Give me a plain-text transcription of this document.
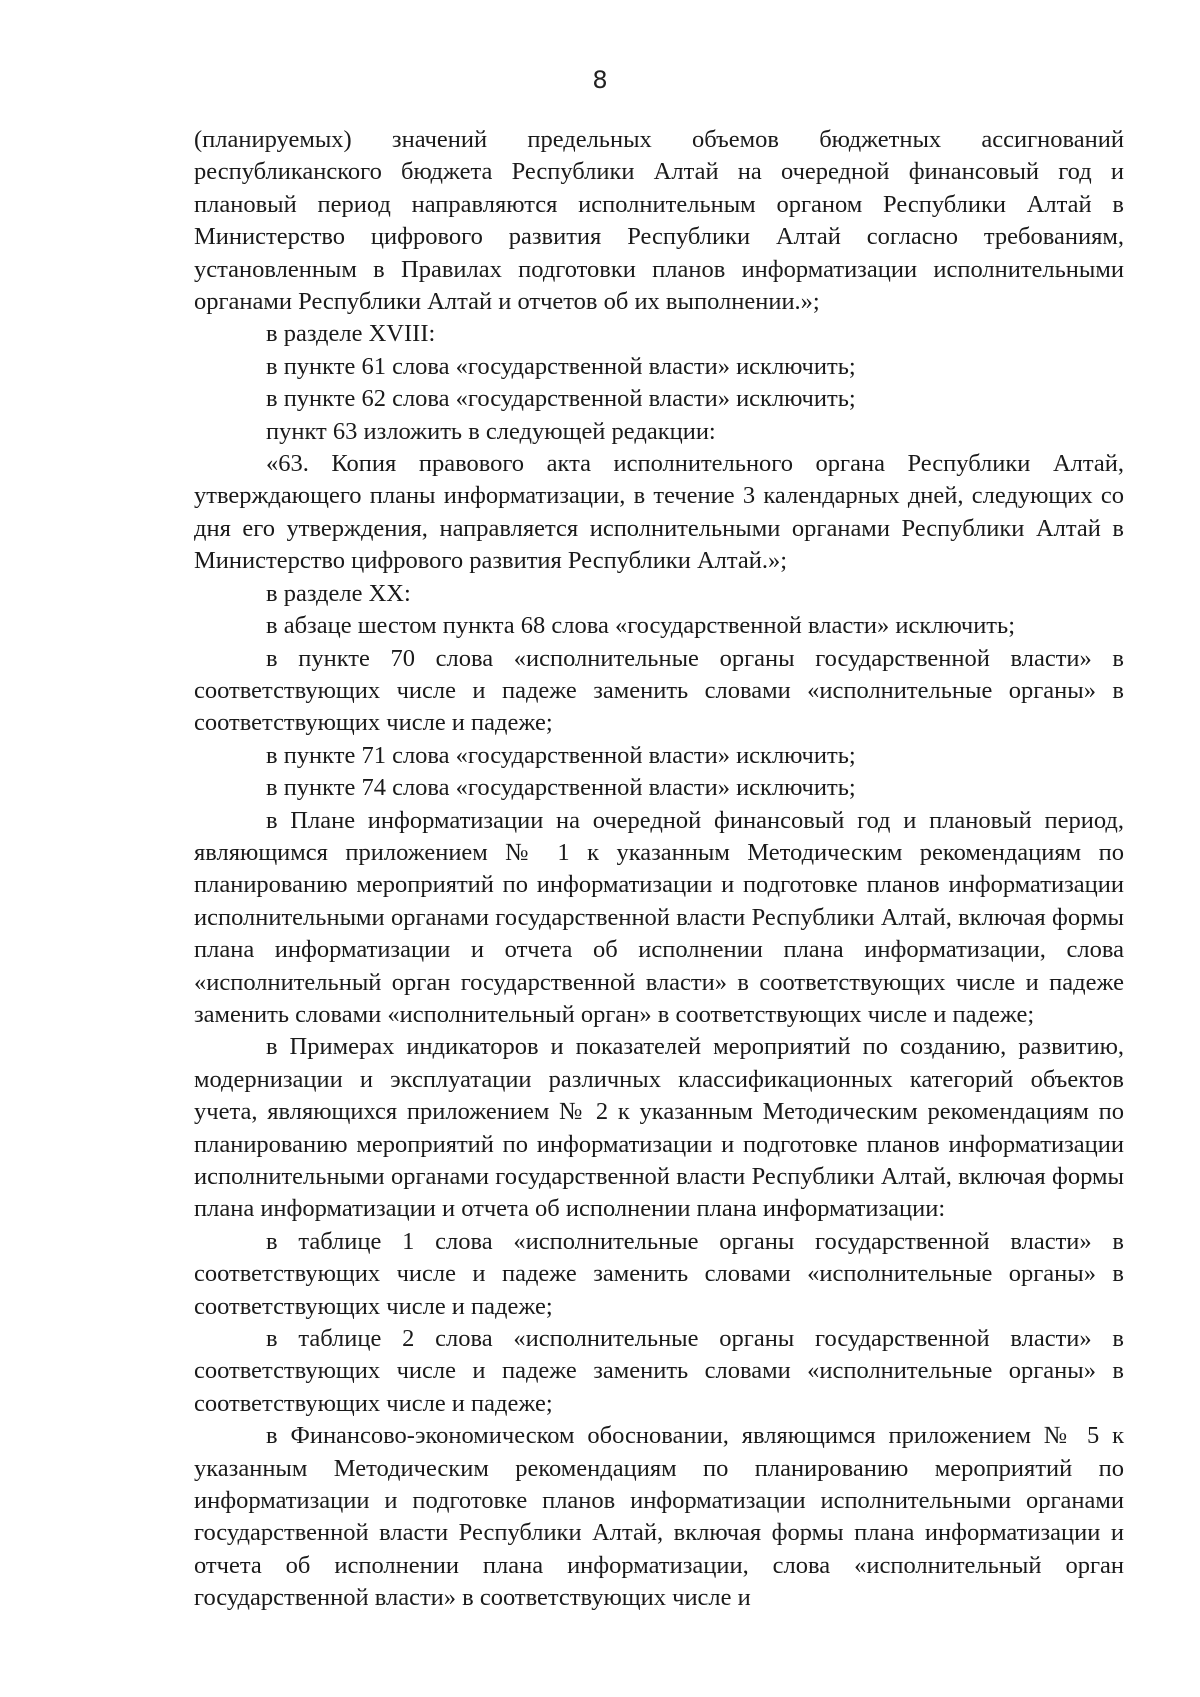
8

(планируемых) значений предельных объемов бюджетных ассигнований республиканского бюджета Республики Алтай на очередной финансовый год и плановый период направляются исполнительным органом Республики Алтай в Министерство цифрового развития Республики Алтай согласно требованиям, установленным в Правилах подготовки планов информатизации исполнительными органами Республики Алтай и отчетов об их выполнении.»;

в разделе XVIII:

в пункте 61 слова «государственной власти» исключить;

в пункте 62 слова «государственной власти» исключить;

пункт 63 изложить в следующей редакции:

«63. Копия правового акта исполнительного органа Республики Алтай, утверждающего планы информатизации, в течение 3 календарных дней, следующих со дня его утверждения, направляется исполнительными органами Республики Алтай в Министерство цифрового развития Республики Алтай.»;

в разделе XX:

в абзаце шестом пункта 68 слова «государственной власти» исключить;

в пункте 70 слова «исполнительные органы государственной власти» в соответствующих числе и падеже заменить словами «исполнительные органы» в соответствующих числе и падеже;

в пункте 71 слова «государственной власти» исключить;

в пункте 74 слова «государственной власти» исключить;

в Плане информатизации на очередной финансовый год и плановый период, являющимся приложением № 1 к указанным Методическим рекомендациям по планированию мероприятий по информатизации и подготовке планов информатизации исполнительными органами государственной власти Республики Алтай, включая формы плана информатизации и отчета об исполнении плана информатизации, слова «исполнительный орган государственной власти» в соответствующих числе и падеже заменить словами «исполнительный орган» в соответствующих числе и падеже;

в Примерах индикаторов и показателей мероприятий по созданию, развитию, модернизации и эксплуатации различных классификационных категорий объектов учета, являющихся приложением № 2 к указанным Методическим рекомендациям по планированию мероприятий по информатизации и подготовке планов информатизации исполнительными органами государственной власти Республики Алтай, включая формы плана информатизации и отчета об исполнении плана информатизации:

в таблице 1 слова «исполнительные органы государственной власти» в соответствующих числе и падеже заменить словами «исполнительные органы» в соответствующих числе и падеже;

в таблице 2 слова «исполнительные органы государственной власти» в соответствующих числе и падеже заменить словами «исполнительные органы» в соответствующих числе и падеже;

в Финансово-экономическом обосновании, являющимся приложением № 5 к указанным Методическим рекомендациям по планированию мероприятий по информатизации и подготовке планов информатизации исполнительными органами государственной власти Республики Алтай, включая формы плана информатизации и отчета об исполнении плана информатизации, слова «исполнительный орган государственной власти» в соответствующих числе и
